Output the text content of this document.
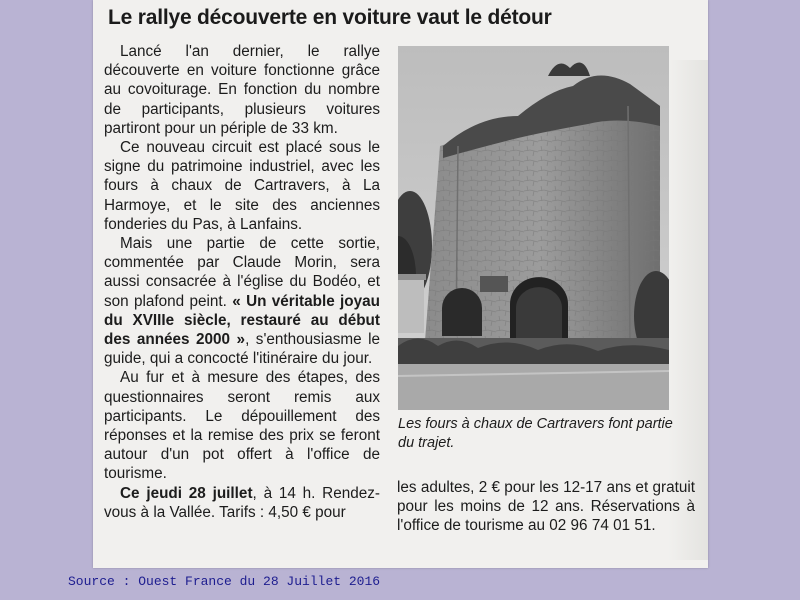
Le rallye découverte en voiture vaut le détour

Lancé l'an dernier, le rallye découverte en voiture fonctionne grâce au covoiturage. En fonction du nombre de participants, plusieurs voitures partiront pour un périple de 33 km.

Ce nouveau circuit est placé sous le signe du patrimoine industriel, avec les fours à chaux de Cartravers, à La Harmoye, et le site des anciennes fonderies du Pas, à Lanfains.

Mais une partie de cette sortie, commentée par Claude Morin, sera aussi consacrée à l'église du Bodéo, et son plafond peint. « Un véritable joyau du XVIIIe siècle, restauré au début des années 2000 », s'enthousiasme le guide, qui a concocté l'itinéraire du jour.

Au fur et à mesure des étapes, des questionnaires seront remis aux participants. Le dépouillement des réponses et la remise des prix se feront autour d'un pot offert à l'office de tourisme.

Ce jeudi 28 juillet, à 14 h. Rendez-vous à la Vallée. Tarifs : 4,50 € pour

Les fours à chaux de Cartravers font partie du trajet.

les adultes, 2 € pour les 12-17 ans et gratuit pour les moins de 12 ans. Réservations à l'office de tourisme au 02 96 74 01 51.

Source : Ouest France du 28 Juillet 2016
